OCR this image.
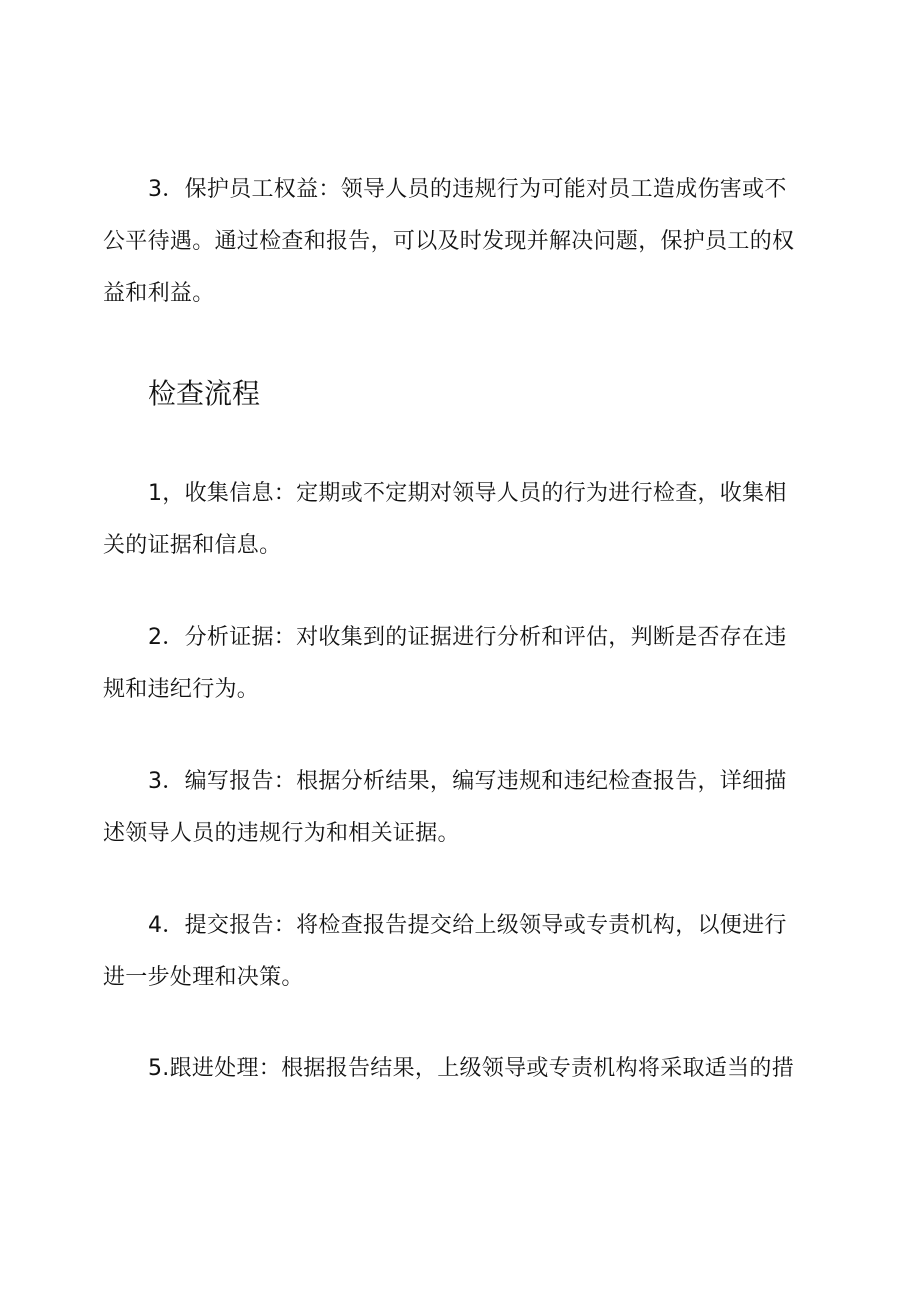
3．保护员工权益：领导人员的违规行为可能对员工造成伤害或不
公平待遇。通过检查和报告，可以及时发现并解决问题，保护员工的权
益和利益。
检查流程
1，收集信息：定期或不定期对领导人员的行为进行检查，收集相
关的证据和信息。
2．分析证据：对收集到的证据进行分析和评估，判断是否存在违
规和违纪行为。
3．编写报告：根据分析结果，编写违规和违纪检查报告，详细描
述领导人员的违规行为和相关证据。
4．提交报告：将检查报告提交给上级领导或专责机构，以便进行
进一步处理和决策。
5.跟进处理：根据报告结果，上级领导或专责机构将采取适当的措
